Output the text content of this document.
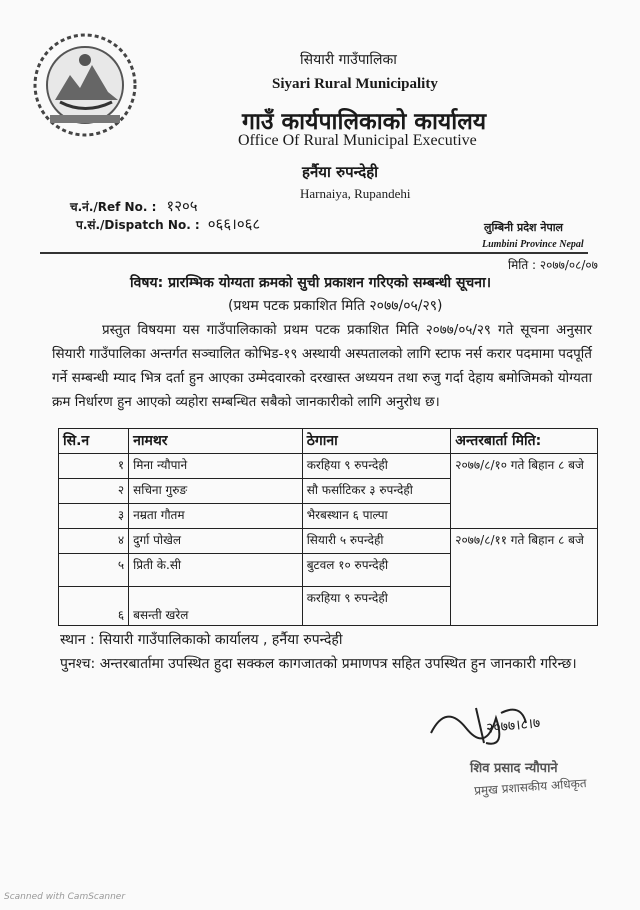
सियारी गाउँपालिका
Siyari Rural Municipality
गाउँ कार्यपालिकाको कार्यालय
Office Of Rural Municipal Executive
हर्नैया रुपन्देही
Harnaiya, Rupandehi
च.नं./Ref No. : १२०५
प.सं./Dispatch No. : ०६६।०६८	लुम्बिनी प्रदेश नेपाल
Lumbini Province Nepal
मिति : २०७७/०८/०७
विषय: प्रारम्भिक योग्यता क्रमको सुची प्रकाशन गरिएको सम्बन्धी सूचना।
(प्रथम पटक प्रकाशित मिति २०७७/०५/२९)
प्रस्तुत विषयमा यस गाउँपालिकाको प्रथम पटक प्रकाशित मिति २०७७/०५/२९ गते सूचना अनुसार सियारी गाउँपालिका अन्तर्गत सञ्चालित कोभिड-१९ अस्थायी अस्पतालको लागि स्टाफ नर्स करार पदमामा पदपूर्ति गर्ने सम्बन्धी म्याद भित्र दर्ता हुन आएका उम्मेदवारको दरखास्त अध्ययन तथा रुजु गर्दा देहाय बमोजिमको योग्यता क्रम निर्धारण हुन आएको व्यहोरा सम्बन्धित सबैको जानकारीको लागि अनुरोध छ।
सि.न	नामथर	ठेगाना	अन्तरबार्ता मिति:
१	मिना न्यौपाने	करहिया ९ रुपन्देही	२०७७/८/१० गते बिहान ८ बजे
२	सचिना गुरुङ	सौ फर्साटिकर ३ रुपन्देही	
३	नम्रता गौतम	भैरबस्थान ६ पाल्पा	
४	दुर्गा पोखेल	सियारी ५ रुपन्देही	२०७७/८/११ गते बिहान ८ बजे
५	प्रिती के.सी	बुटवल १० रुपन्देही	
६	बसन्ती खरेल	करहिया ९ रुपन्देही	
स्थान : सियारी गाउँपालिकाको कार्यालय , हर्नैया रुपन्देही
पुनश्च: अन्तरबार्तामा उपस्थित हुदा सक्कल कागजातको प्रमाणपत्र सहित उपस्थित हुन जानकारी गरिन्छ।
२०७७।८।७
शिव प्रसाद न्यौपाने
प्रमुख प्रशासकीय अधिकृत
Scanned with CamScanner
